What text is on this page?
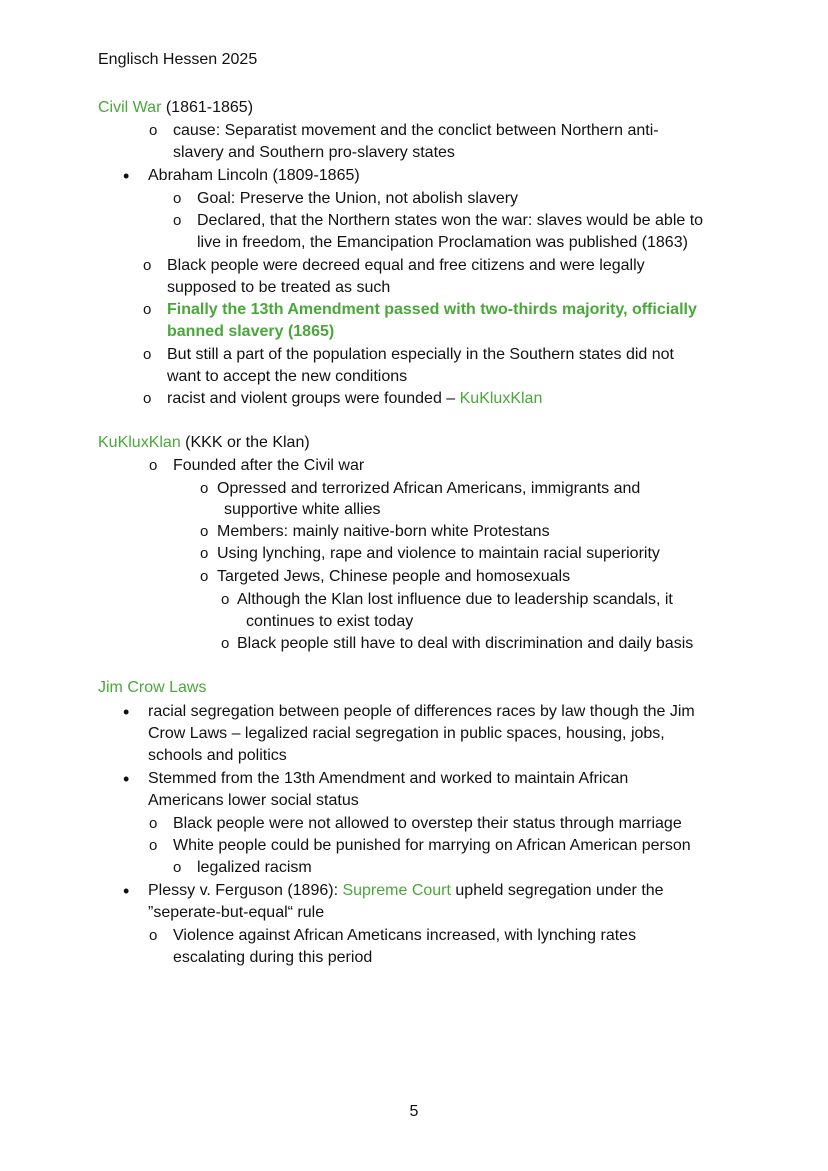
Englisch Hessen 2025
Civil War (1861-1865)
o cause: Separatist movement and the conclict between Northern anti-
slavery and Southern pro-slavery states
• Abraham Lincoln (1809-1865)
o Goal: Preserve the Union, not abolish slavery
o Declared, that the Northern states won the war: slaves would be able to
live in freedom, the Emancipation Proclamation was published (1863)
o Black people were decreed equal and free citizens and were legally
supposed to be treated as such
o Finally the 13th Amendment passed with two-thirds majority, officially
banned slavery (1865)
o But still a part of the population especially in the Southern states did not
want to accept the new conditions
o racist and violent groups were founded – KuKluxKlan
KuKluxKlan (KKK or the Klan)
o Founded after the Civil war
o Opressed and terrorized African Americans, immigrants and
supportive white allies
o Members: mainly naitive-born white Protestans
o Using lynching, rape and violence to maintain racial superiority
o Targeted Jews, Chinese people and homosexuals
o Although the Klan lost influence due to leadership scandals, it
continues to exist today
o Black people still have to deal with discrimination and daily basis
Jim Crow Laws
• racial segregation between people of differences races by law though the Jim
Crow Laws – legalized racial segregation in public spaces, housing, jobs,
schools and politics
• Stemmed from the 13th Amendment and worked to maintain African
Americans lower social status
o Black people were not allowed to overstep their status through marriage
o White people could be punished for marrying on African American person
o legalized racism
• Plessy v. Ferguson (1896): Supreme Court upheld segregation under the
”seperate-but-equal“ rule
o Violence against African Ameticans increased, with lynching rates
escalating during this period
5
